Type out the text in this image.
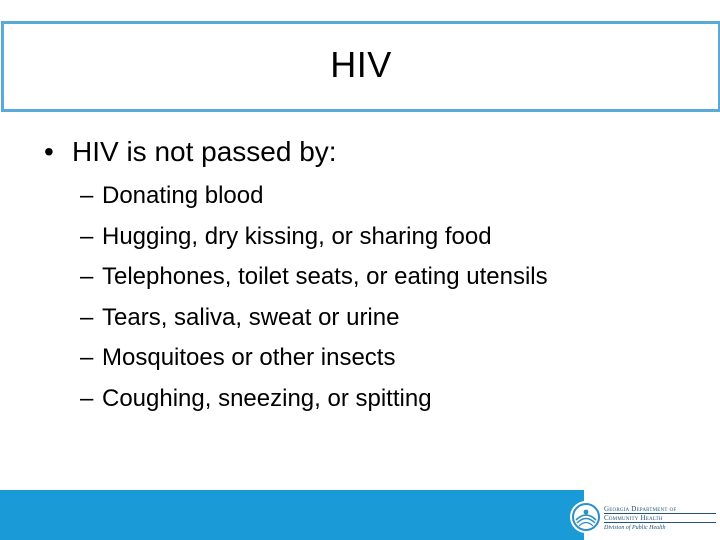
HIV
• HIV is not passed by:
– Donating blood
– Hugging, dry kissing, or sharing food
– Telephones, toilet seats, or eating utensils
– Tears, saliva, sweat or urine
– Mosquitoes or other insects
– Coughing, sneezing, or spitting
Georgia Department of
Community Health
Division of Public Health
